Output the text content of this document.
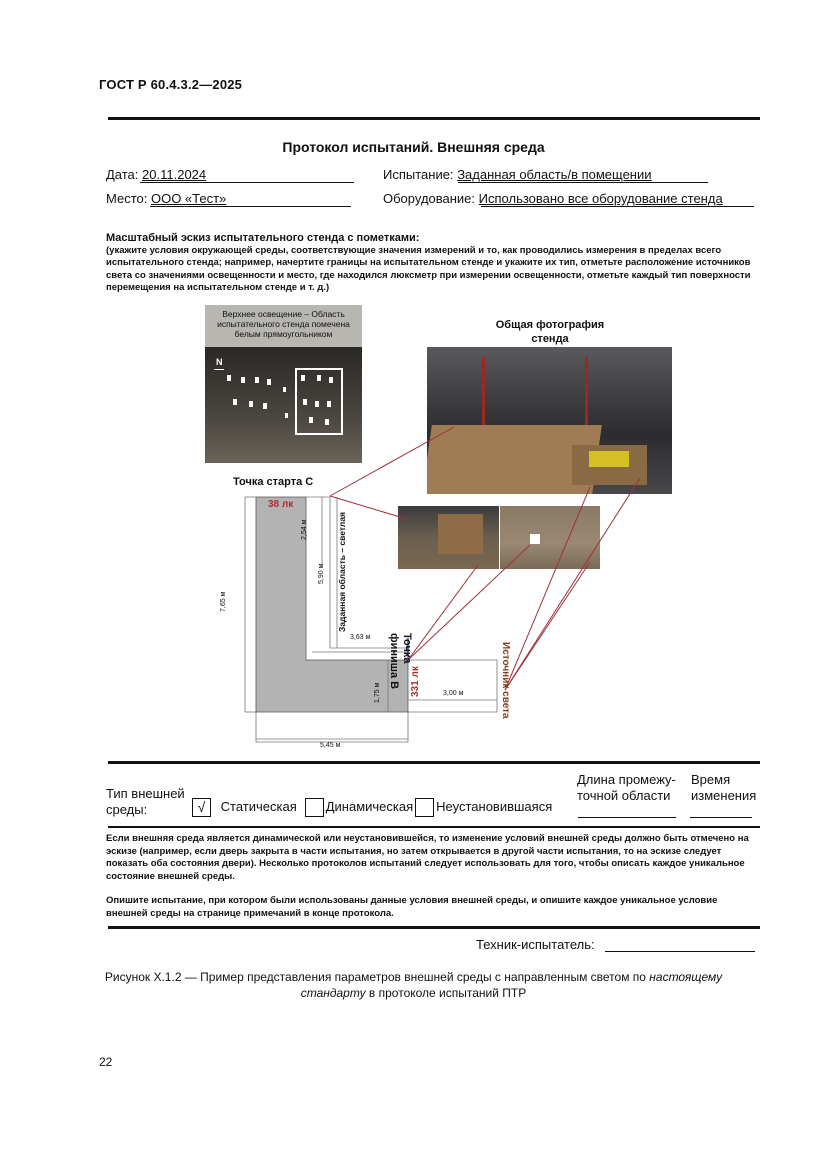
ГОСТ Р 60.4.3.2—2025
Протокол испытаний. Внешняя среда
Дата: 20.11.2024	Испытание: Заданная область/в помещении
Место: ООО «Тест»	Оборудование: Использовано все оборудование стенда
Масштабный эскиз испытательного стенда с пометками:
(укажите условия окружающей среды, соответствующие значения измерений и то, как проводились измерения в пределах всего испытательного стенда; например, начертите границы на испытательном стенде и укажите их тип, отметьте расположение источников света со значениями освещенности и место, где находился люксметр при измерении освещенности, отметьте каждый тип поверхности перемещения на испытательном стенде и т. д.)
Верхнее освещение – Область испытательного стенда помечена белым прямоугольником
N
Общая фотография стенда
Точка старта С
38 лк
2,54 м
5,90 м
7,65 м	Заданная область – светлая
Точка
финиша В
3,63 м
1,75 м	331 лк	3,00 м
5,45 м
Источник света
Тип внешней
среды:	√ Статическая Динамическая Неустановившаяся
Длина промежу-
точной области
Время
изменения
Если внешняя среда является динамической или неустановившейся, то изменение условий внешней среды должно быть отмечено на эскизе (например, если дверь закрыта в части испытания, но затем открывается в другой части испытания, то на эскизе следует показать оба состояния двери). Несколько протоколов испытаний следует использовать для того, чтобы описать каждое уникальное состояние внешней среды.
Опишите испытание, при котором были использованы данные условия внешней среды, и опишите каждое уникальное условие внешней среды на странице примечаний в конце протокола.
Техник-испытатель:
Рисунок X.1.2 — Пример представления параметров внешней среды с направленным светом по настоящему
стандарту в протоколе испытаний ПТР
22
